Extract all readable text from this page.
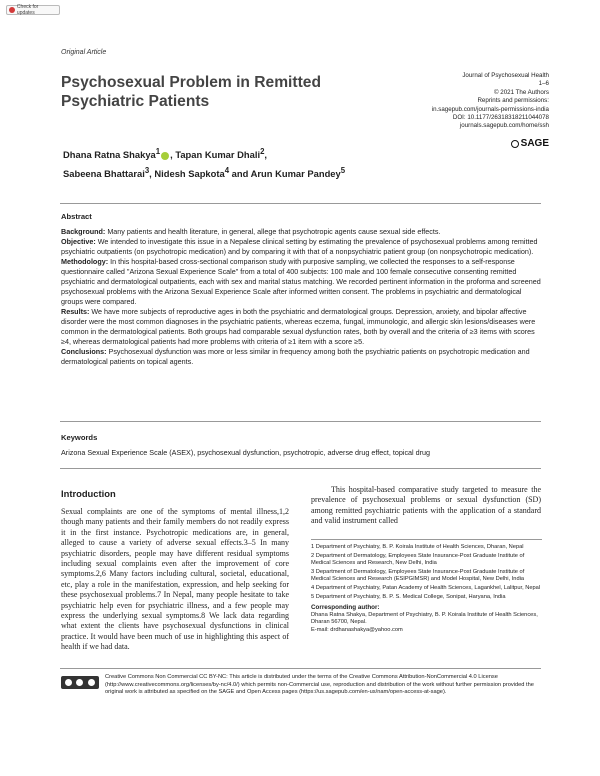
Check for updates
Original Article
Psychosexual Problem in Remitted Psychiatric Patients
Journal of Psychosexual Health
1–6
© 2021 The Authors
Reprints and permissions:
in.sagepub.com/journals-permissions-india
DOI: 10.1177/26318318211044078
journals.sagepub.com/home/ssh
SAGE
Dhana Ratna Shakya$^1$ , Tapan Kumar Dhali$^2$,
Sabeena Bhattarai$^3$, Nidesh Sapkota$^4$ and Arun Kumar Pandey$^5$
Abstract

Background: Many patients and health literature, in general, allege that psychotropic agents cause sexual side effects.

Objective: We intended to investigate this issue in a Nepalese clinical setting by estimating the prevalence of psychosexual problems among remitted psychiatric outpatients (on psychotropic medication) and by comparing it with that of a nonpsychiatric patient group (on nonpsychotropic medication).

Methodology: In this hospital-based cross-sectional comparison study with purposive sampling, we collected the responses to a self-response questionnaire called "Arizona Sexual Experience Scale" from a total of 400 subjects: 100 male and 100 female consecutive consenting remitted psychiatric and dermatological outpatients, each with sex and marital status matching. We recorded pertinent information in the proforma and screened psychosexual problems with the Arizona Sexual Experience Scale after informed written consent. The problems in psychiatric and dermatological groups were compared.

Results: We have more subjects of reproductive ages in both the psychiatric and dermatological groups. Depression, anxiety, and bipolar affective disorder were the most common diagnoses in the psychiatric patients, whereas eczema, fungal, immunologic, and allergic skin lesions/diseases were common in the dermatological patients. Both groups had comparable sexual dysfunction rates, both by overall and the criteria of ≥3 items with scores ≥4, whereas dermatological patients had more problems with criteria of ≥1 item with a score ≥5.

Conclusions: Psychosexual dysfunction was more or less similar in frequency among both the psychiatric patients on psychotropic medication and dermatological patients on topical agents.

Keywords
Arizona Sexual Experience Scale (ASEX), psychosexual dysfunction, psychotropic, adverse drug effect, topical drug
Introduction
Sexual complaints are one of the symptoms of mental illness,1,2 though many patients and their family members do not readily express it in the first instance. Psychotropic medications are, in general, alleged to cause a variety of adverse sexual effects.3–5 In many psychiatric disorders, people may have different residual symptoms including sexual complaints even after the improvement of core symptoms.2,6 Many factors including cultural, societal, educational, etc, play a role in the manifestation, expression, and help seeking for these psychosexual problems.7 In Nepal, many people hesitate to take psychiatric help even for psychiatric illness, and a few people may express the underlying sexual symptoms.8 We lack data regarding what extent the clients have psychosexual dysfunctions in clinical practice. It would have been much of use in highlighting this aspect of health if we had data.
This hospital-based comparative study targeted to measure the prevalence of psychosexual problems or sexual dysfunction (SD) among remitted psychiatric patients with the application of a standard and valid instrument called
1 Department of Psychiatry, B. P. Koirala Institute of Health Sciences, Dharan, Nepal
2 Department of Dermatology, Employees State Insurance-Post Graduate Institute of Medical Sciences and Research, New Delhi, India
3 Department of Dermatology, Employees State Insurance-Post Graduate Institute of Medical Sciences and Research (ESIPGIMSR) and Model Hospital, New Delhi, India
4 Department of Psychiatry, Patan Academy of Health Sciences, Lagankhel, Lalitpur, Nepal
5 Department of Psychiatry, B. P. S. Medical College, Sonipat, Haryana, India
Corresponding author:
Dhana Ratna Shakya, Department of Psychiatry, B. P. Koirala Institute of Health Sciences, Dharan 56700, Nepal.
E-mail: drdhanashakya@yahoo.com
Creative Commons Non Commercial CC BY-NC: This article is distributed under the terms of the Creative Commons Attribution-NonCommercial 4.0 License (http://www.creativecommons.org/licenses/by-nc/4.0/) which permits non-Commercial use, reproduction and distribution of the work without further permission provided the original work is attributed as specified on the SAGE and Open Access pages (https://us.sagepub.com/en-us/nam/open-access-at-sage).
